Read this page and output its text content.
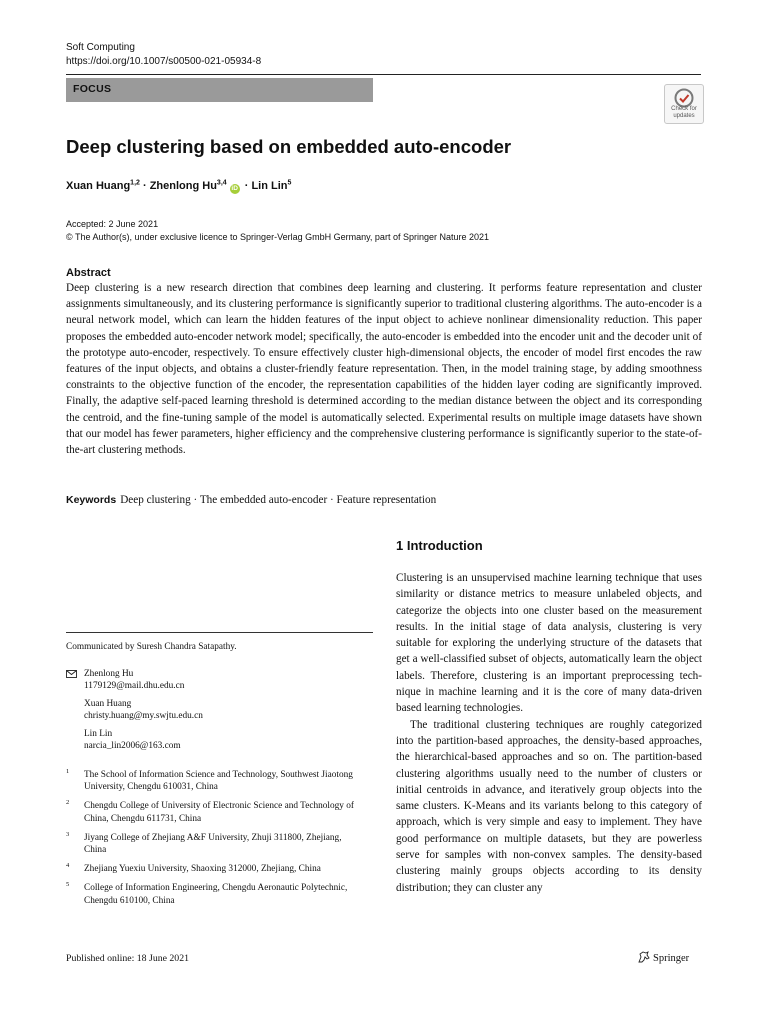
Soft Computing
https://doi.org/10.1007/s00500-021-05934-8
FOCUS
Check for
updates
Deep clustering based on embedded auto-encoder
Xuan Huang$^{1,2}$ · Zhenlong Hu$^{3,4}$iD · Lin Lin$^5$
Accepted: 2 June 2021
© The Author(s), under exclusive licence to Springer-Verlag GmbH Germany, part of Springer Nature 2021
Abstract
Deep clustering is a new research direction that combines deep learning and clustering. It performs feature representation and cluster assignments simultaneously, and its clustering performance is significantly superior to traditional clustering algorithms. The auto-encoder is a neural network model, which can learn the hidden features of the input object to achieve nonlinear dimensionality reduction. This paper proposes the embedded auto-encoder network model; specifically, the auto-encoder is embedded into the encoder unit and the decoder unit of the prototype auto-encoder, respectively. To ensure effectively cluster high-dimensional objects, the encoder of model first encodes the raw features of the input objects, and obtains a cluster-friendly feature representation. Then, in the model training stage, by adding smoothness constraints to the objective function of the encoder, the representation capabilities of the hidden layer coding are significantly improved. Finally, the adaptive self-paced learning threshold is determined according to the median distance between the object and its corresponding the centroid, and the fine-tuning sample of the model is automatically selected. Experimental results on multiple image datasets have shown that our model has fewer parameters, higher efficiency and the comprehensive clustering performance is significantly superior to the state-of-the-art clustering methods.
Keywords Deep clustering · The embedded auto-encoder · Feature representation
1 Introduction

Clustering is an unsupervised machine learning technique that uses similarity or distance metrics to measure unlabeled objects, and categorize the objects into one cluster based on the measurement results. In the initial stage of data analysis, clustering is very suitable for exploring the underlying structure of the datasets that get a well-classified subset of objects, automatically learn the object labels. Therefore, clustering is an important preprocessing technique in machine learning and it is the core of many data-driven based learning technologies.

The traditional clustering techniques are roughly categorized into the partition-based approaches, the density-based approaches, the hierarchical-based approaches and so on. The partition-based clustering algorithms usually need to the number of clusters or initial centroids in advance, and iteratively group objects into the same clusters. K-Means and its variants belong to this category of approach, which is very simple and easy to implement. They have good performance on multiple datasets, but they are powerless serve for samples with non-convex samples. The density-based clustering mainly groups objects according to its density distribution; they can cluster any

Communicated by Suresh Chandra Satapathy.
Zhenlong Hu
1179129@mail.dhu.edu.cn
Xuan Huang
christy.huang@my.swjtu.edu.cn
Lin Lin
narcia_lin2006@163.com
1 The School of Information Science and Technology, Southwest Jiaotong University, Chengdu 610031, China
2 Chengdu College of University of Electronic Science and Technology of China, Chengdu 611731, China
3 Jiyang College of Zhejiang A&F University, Zhuji 311800, Zhejiang, China
4 Zhejiang Yuexiu University, Shaoxing 312000, Zhejiang, China
5 College of Information Engineering, Chengdu Aeronautic Polytechnic, Chengdu 610100, China
Published online: 18 June 2021	Springer
